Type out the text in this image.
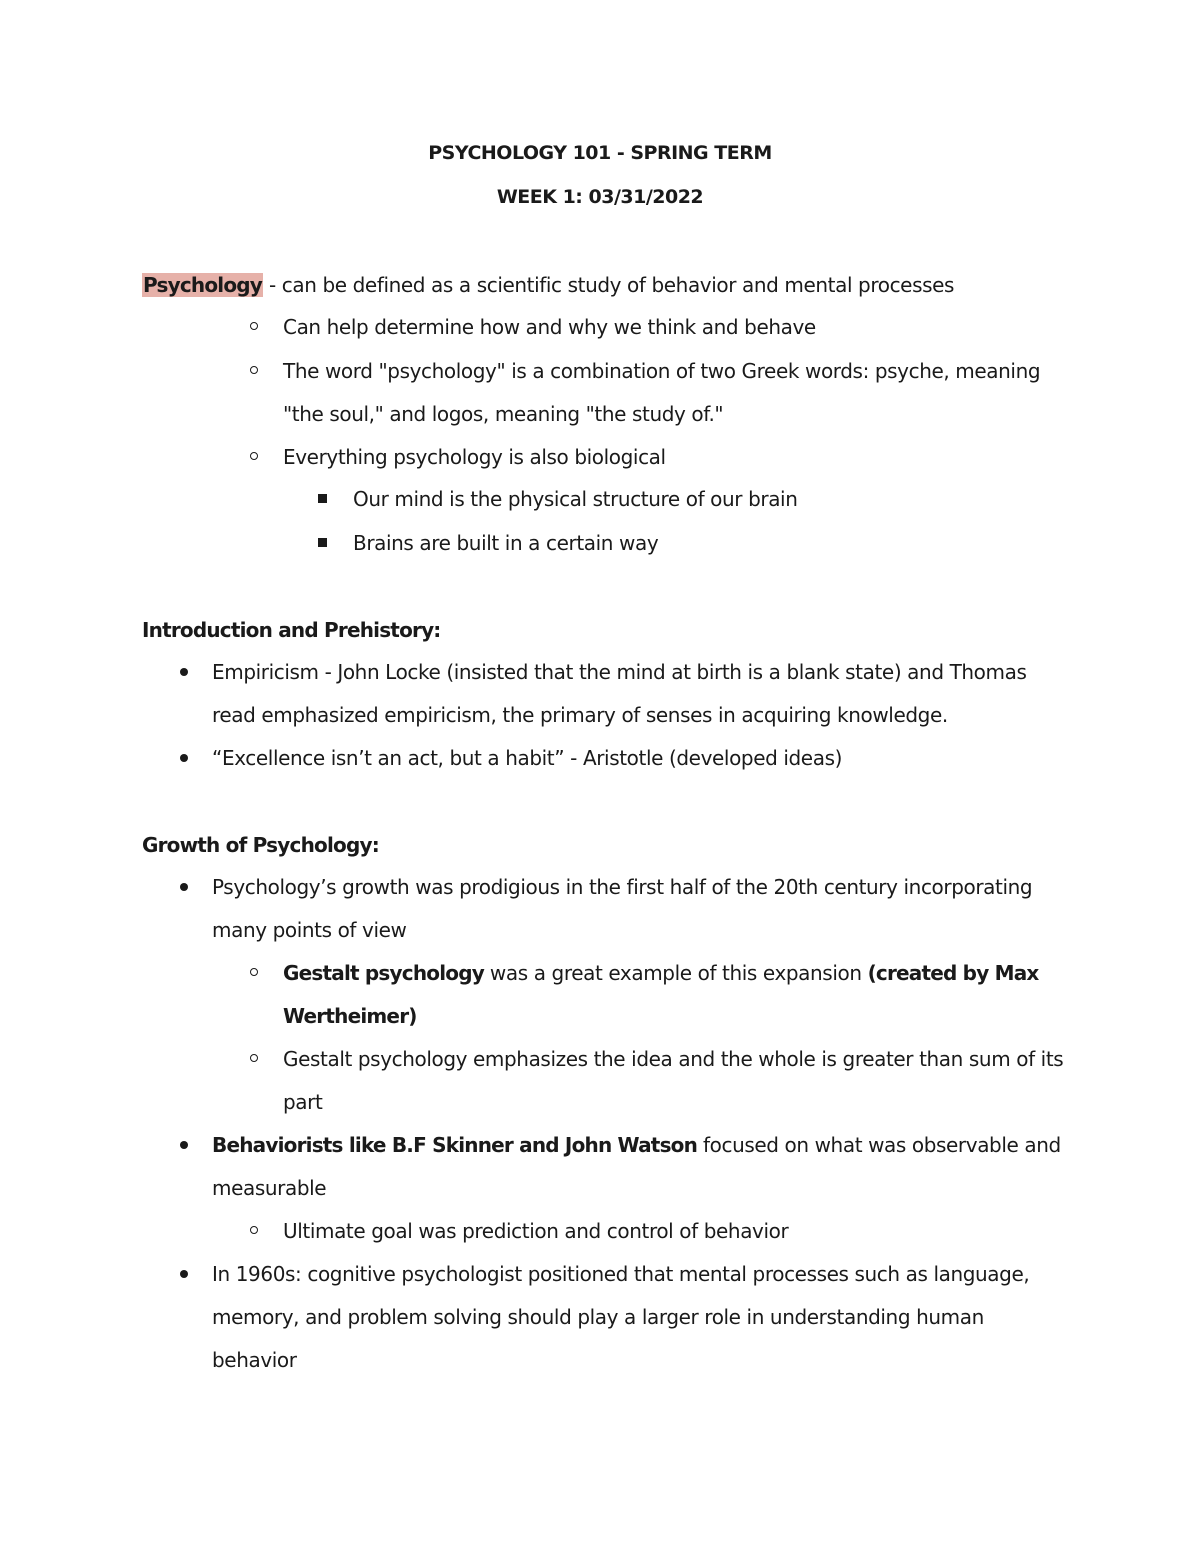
PSYCHOLOGY 101 - SPRING TERM
WEEK 1: 03/31/2022
Psychology - can be defined as a scientific study of behavior and mental processes
Can help determine how and why we think and behave
The word "psychology" is a combination of two Greek words: psyche, meaning
"the soul," and logos, meaning "the study of."
Everything psychology is also biological
Our mind is the physical structure of our brain
Brains are built in a certain way
Introduction and Prehistory:
Empiricism - John Locke (insisted that the mind at birth is a blank state) and Thomas
read emphasized empiricism, the primary of senses in acquiring knowledge.
“Excellence isn’t an act, but a habit” - Aristotle (developed ideas)
Growth of Psychology:
Psychology’s growth was prodigious in the first half of the 20th century incorporating
many points of view
Gestalt psychology was a great example of this expansion (created by Max
Wertheimer)
Gestalt psychology emphasizes the idea and the whole is greater than sum of its
part
Behaviorists like B.F Skinner and John Watson focused on what was observable and
measurable
Ultimate goal was prediction and control of behavior
In 1960s: cognitive psychologist positioned that mental processes such as language,
memory, and problem solving should play a larger role in understanding human
behavior
